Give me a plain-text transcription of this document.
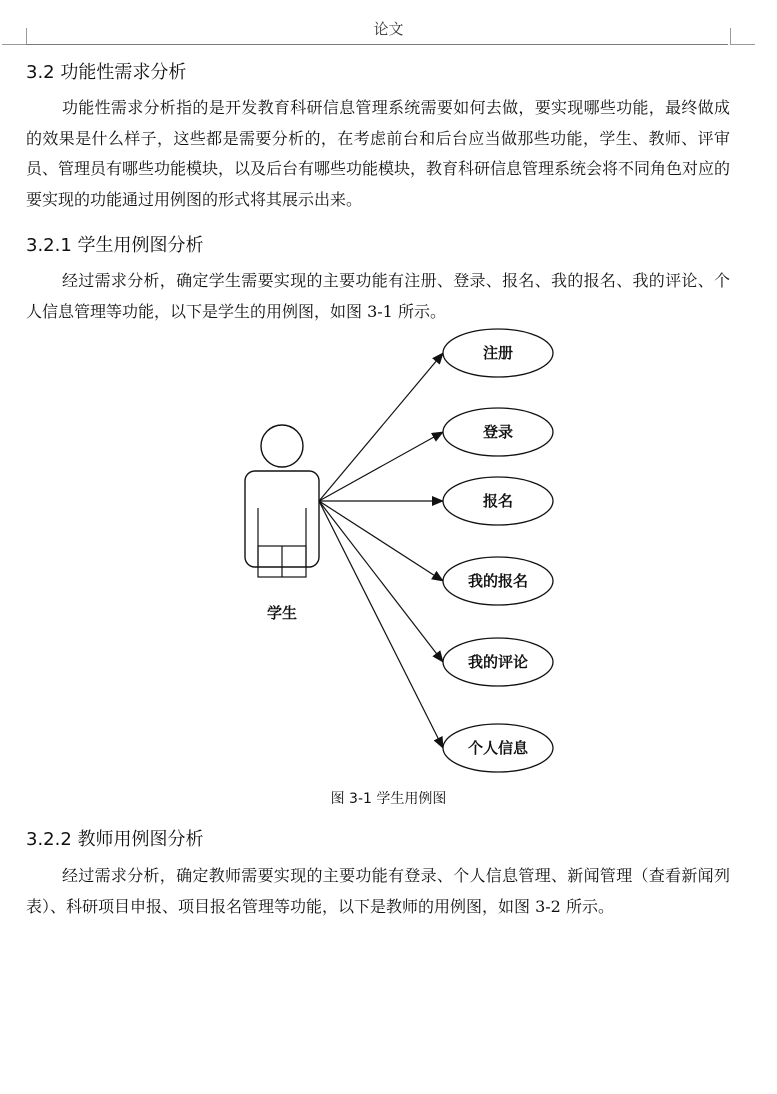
论文
3.2 功能性需求分析

功能性需求分析指的是开发教育科研信息管理系统需要如何去做，要实现哪些功能，最终做成的效果是什么样子，这些都是需要分析的，在考虑前台和后台应当做那些功能，学生、教师、评审员、管理员有哪些功能模块，以及后台有哪些功能模块，教育科研信息管理系统会将不同角色对应的要实现的功能通过用例图的形式将其展示出来。

3.2.1 学生用例图分析

经过需求分析，确定学生需要实现的主要功能有注册、登录、报名、我的报名、我的评论、个人信息管理等功能，以下是学生的用例图，如图 3-1 所示。

学生
注册
登录
报名
我的报名
我的评论
个人信息
图 3-1 学生用例图
3.2.2 教师用例图分析

经过需求分析，确定教师需要实现的主要功能有登录、个人信息管理、新闻管理（查看新闻列表）、科研项目申报、项目报名管理等功能，以下是教师的用例图，如图 3-2 所示。
